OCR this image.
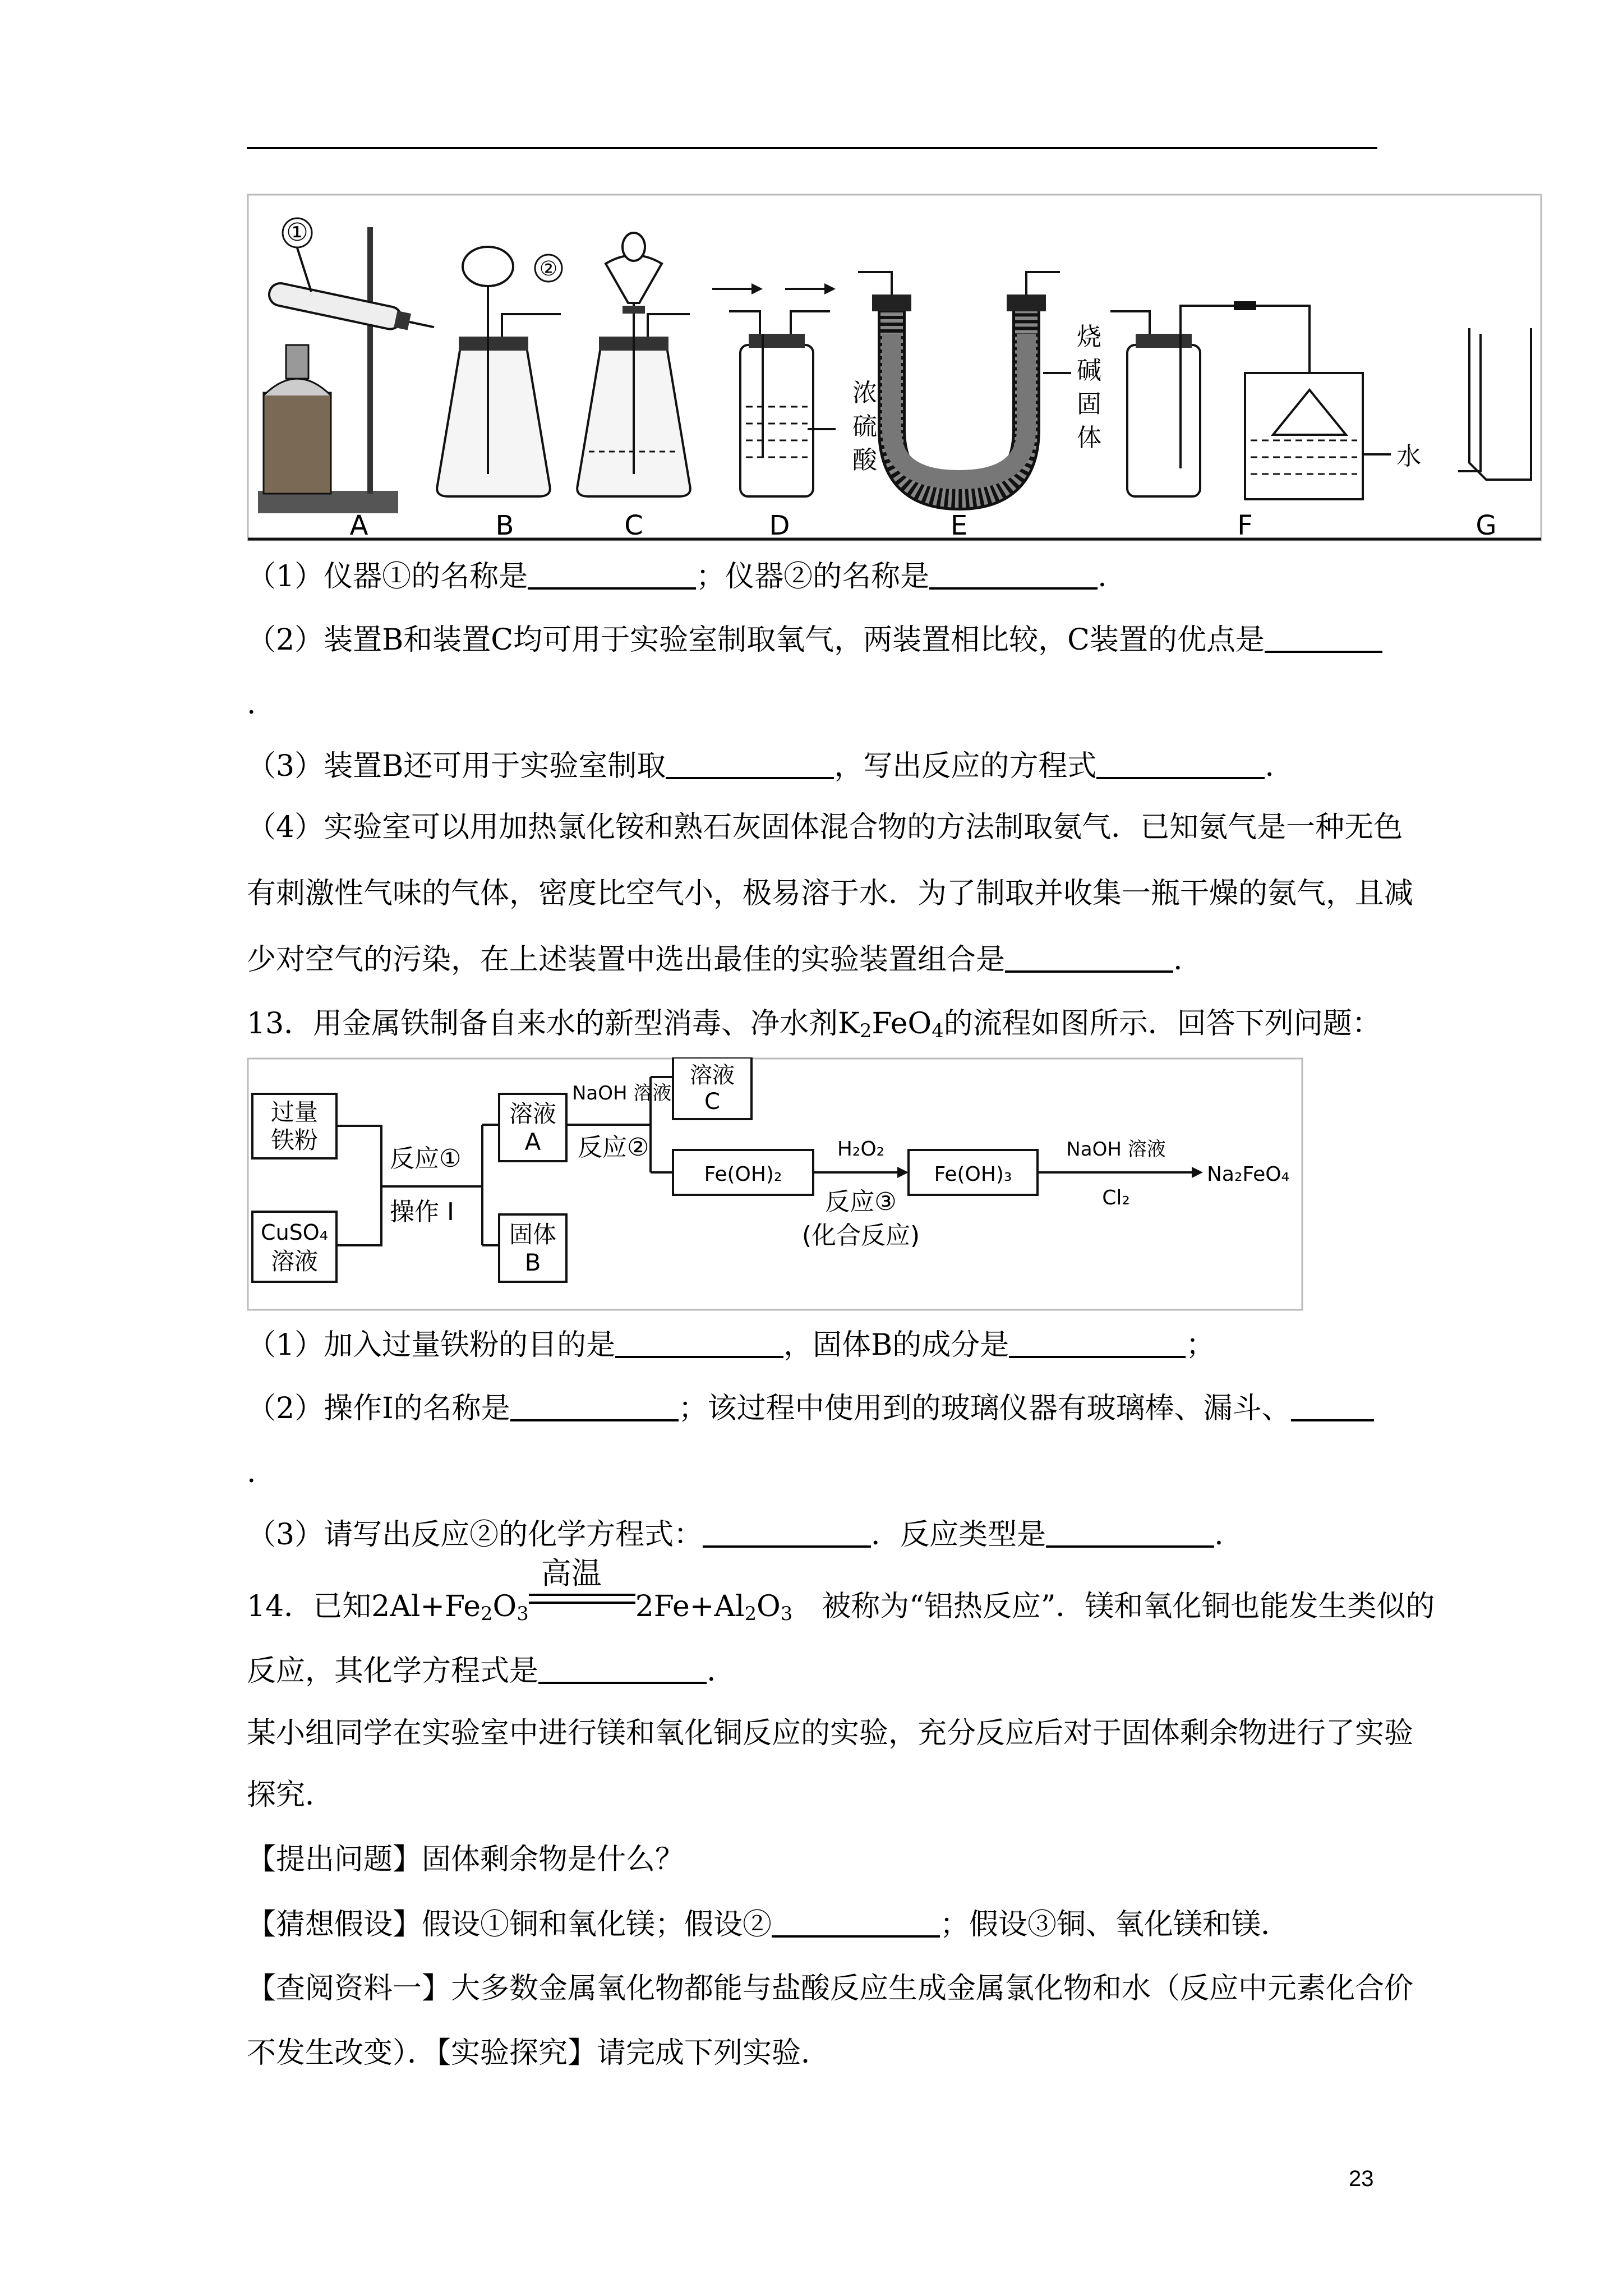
①
②
浓
硫
酸
烧
碱
固
体
水
A	B	C	D	E	F	G
（1）仪器①的名称是	；仪器②的名称是	.
（2）装置B和装置C均可用于实验室制取氧气，两装置相比较，C装置的优点是
.
（3）装置B还可用于实验室制取	，写出反应的方程式	.
（4）实验室可以用加热氯化铵和熟石灰固体混合物的方法制取氨气．已知氨气是一种无色
有刺激性气味的气体，密度比空气小，极易溶于水．为了制取并收集一瓶干燥的氨气，且减
少对空气的污染，在上述装置中选出最佳的实验装置组合是	.
13．用金属铁制备自来水的新型消毒、净水剂$K_2FeO_4$的流程如图所示．回答下列问题：
过量
铁粉
CuSO₄
溶液
反应①
操作 I
溶液
A
固体
B
NaOH 溶液
反应②
溶液
C
Fe(OH)₂
H₂O₂
反应③
(化合反应)
Fe(OH)₃
NaOH 溶液
Cl₂
Na₂FeO₄
（1）加入过量铁粉的目的是	，固体B的成分是	；
（2）操作I的名称是	；该过程中使用到的玻璃仪器有玻璃棒、漏斗、
.
（3）请写出反应②的化学方程式：	．反应类型是	.
14．已知$2Al+Fe_2O_3$
高温
$2Fe+Al_2O_3$　被称为“铝热反应”．镁和氧化铜也能发生类似的
反应，其化学方程式是	.
某小组同学在实验室中进行镁和氧化铜反应的实验，充分反应后对于固体剩余物进行了实验
探究．
【提出问题】固体剩余物是什么？
【猜想假设】假设①铜和氧化镁；假设②	；假设③铜、氧化镁和镁．
【查阅资料一】大多数金属氧化物都能与盐酸反应生成金属氯化物和水（反应中元素化合价
不发生改变）．【实验探究】请完成下列实验．
23
